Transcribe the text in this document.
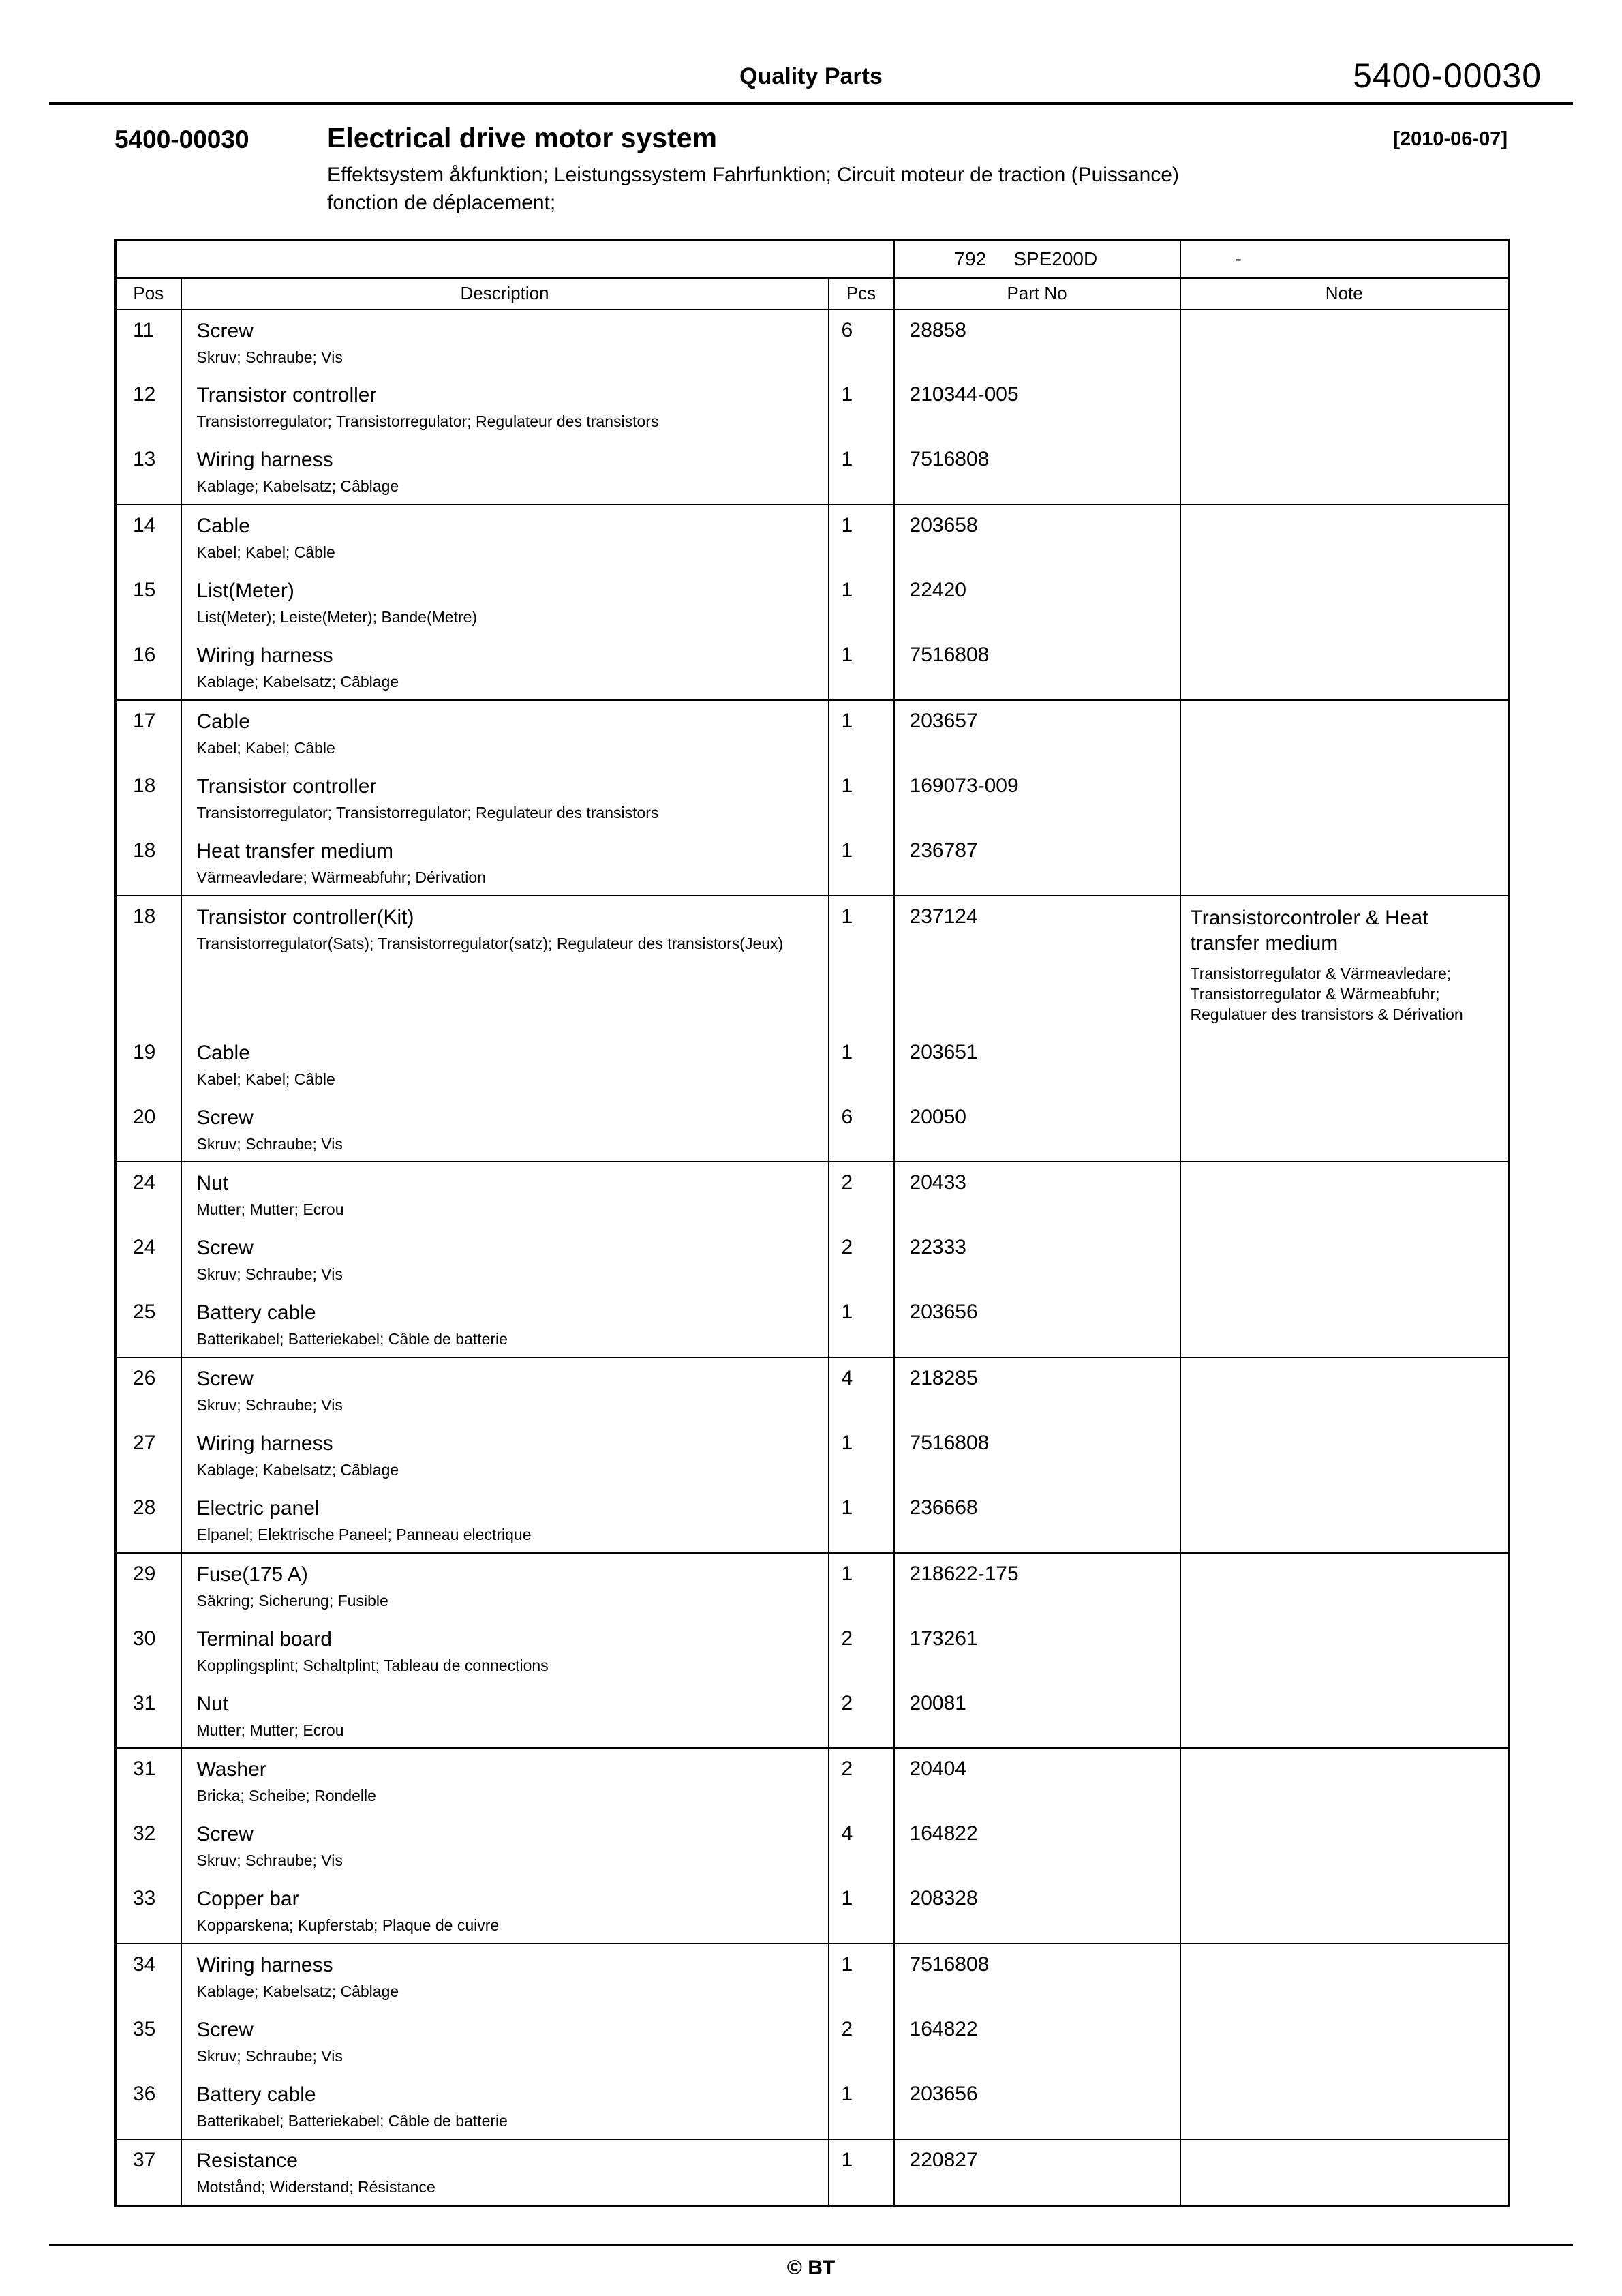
Quality Parts	5400-00030
5400-00030	Electrical drive motor system

Effektsystem åkfunktion; Leistungssystem Fahrfunktion; Circuit moteur de traction (Puissance)
fonction de déplacement;

[2010-06-07]
			792 SPE200D	-
Pos	Description	Pcs	Part No	Note
11	Screw
Skruv; Schraube; Vis	6	28858	

12	Transistor controller
Transistorregulator; Transistorregulator; Regulateur des transistors	1	210344-005	

13	Wiring harness
Kablage; Kabelsatz; Câblage	1	7516808	

14	Cable
Kabel; Kabel; Câble	1	203658	

15	List(Meter)
List(Meter); Leiste(Meter); Bande(Metre)	1	22420	

16	Wiring harness
Kablage; Kabelsatz; Câblage	1	7516808	

17	Cable
Kabel; Kabel; Câble	1	203657	

18	Transistor controller
Transistorregulator; Transistorregulator; Regulateur des transistors	1	169073-009	

18	Heat transfer medium
Värmeavledare; Wärmeabfuhr; Dérivation	1	236787	

18	Transistor controller(Kit)
Transistorregulator(Sats); Transistorregulator(satz); Regulateur des transistors(Jeux)
	1	237124	Transistorcontroler & Heat transfer medium
Transistorregulator & Värmeavledare; Transistorregulator & Wärmeabfuhr; Regulatuer des transistors & Dérivation

19	Cable
Kabel; Kabel; Câble	1	203651	

20	Screw
Skruv; Schraube; Vis	6	20050	

24	Nut
Mutter; Mutter; Ecrou	2	20433	

24	Screw
Skruv; Schraube; Vis	2	22333	

25	Battery cable
Batterikabel; Batteriekabel; Câble de batterie	1	203656	

26	Screw
Skruv; Schraube; Vis	4	218285	

27	Wiring harness
Kablage; Kabelsatz; Câblage	1	7516808	

28	Electric panel
Elpanel; Elektrische Paneel; Panneau electrique	1	236668	

29	Fuse(175 A)
Säkring; Sicherung; Fusible	1	218622-175	

30	Terminal board
Kopplingsplint; Schaltplint; Tableau de connections	2	173261	

31	Nut
Mutter; Mutter; Ecrou	2	20081	

31	Washer
Bricka; Scheibe; Rondelle	2	20404	

32	Screw
Skruv; Schraube; Vis	4	164822	

33	Copper bar
Kopparskena; Kupferstab; Plaque de cuivre	1	208328	

34	Wiring harness
Kablage; Kabelsatz; Câblage	1	7516808	

35	Screw
Skruv; Schraube; Vis	2	164822	

36	Battery cable
Batterikabel; Batteriekabel; Câble de batterie	1	203656	

37	Resistance
Motstånd; Widerstand; Résistance	1	220827	
© BT
